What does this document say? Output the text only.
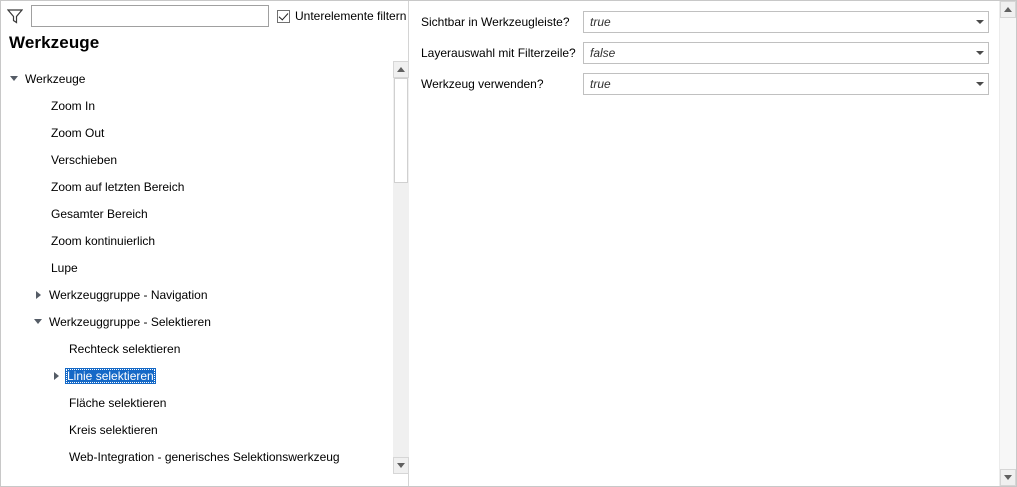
Unterelemente filtern
Werkzeuge
Werkzeuge
Zoom In
Zoom Out
Verschieben
Zoom auf letzten Bereich
Gesamter Bereich
Zoom kontinuierlich
Lupe
Werkzeuggruppe - Navigation
Werkzeuggruppe - Selektieren
Rechteck selektieren
Linie selektieren
Fläche selektieren
Kreis selektieren
Web-Integration - generisches Selektionswerkzeug
Sichtbar in Werkzeugleiste?	true
Layerauswahl mit Filterzeile?	false
Werkzeug verwenden?	true
